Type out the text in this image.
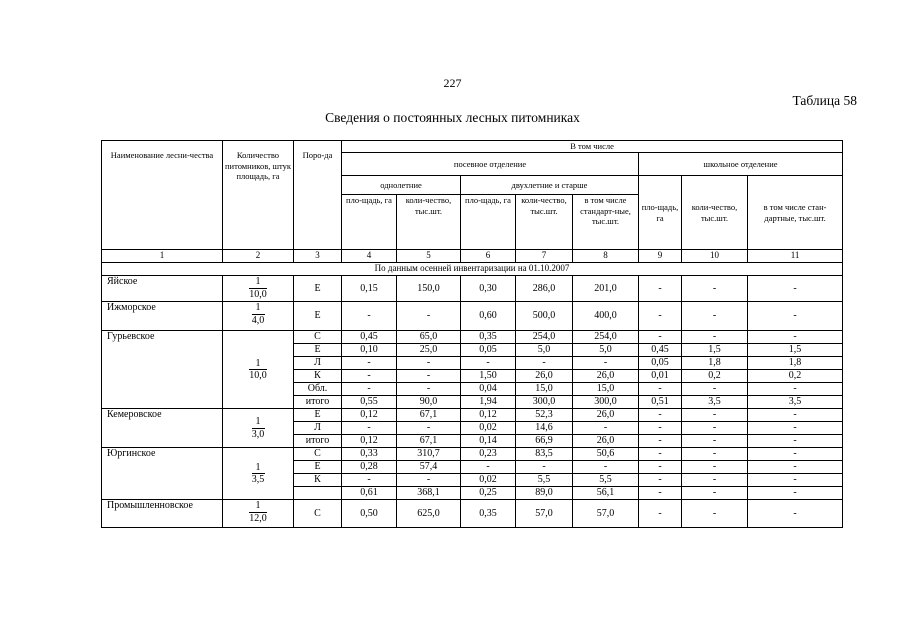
227
Таблица 58
Сведения о постоянных лесных питомниках
Наименование лесни-чества	Количество питомников, штук площадь, га	Поро-да	В том числе							
			посевное отделение					школьное отделение		
			однолетние		двухлетние и старше			пло-щадь, га	коли-чество, тыс.шт.	в том числе стан-дартные, тыс.шт.
			пло-щадь, га	коли-чество, тыс.шт.	пло-щадь, га	коли-чество, тыс.шт.	в том числе стандарт-ные, тыс.шт.			
1	2	3	4	5	6	7	8	9	10	11
По данным осенней инвентаризации на 01.10.2007										
Яйское	$\frac{1}{10,0}$	Е	0,15	150,0	0,30	286,0	201,0	-	-	-
Ижморское	$\frac{1}{4,0}$	Е	-	-	0,60	500,0	400,0	-	-	-
Гурьевское	$\frac{1}{10,0}$	С	0,45	65,0	0,35	254,0	254,0	-	-	-
		Е	0,10	25,0	0,05	5,0	5,0	0,45	1,5	1,5
		Л	-	-	-	-	-	0,05	1,8	1,8
		К	-	-	1,50	26,0	26,0	0,01	0,2	0,2
		Обл.	-	-	0,04	15,0	15,0	-	-	-
		итого	0,55	90,0	1,94	300,0	300,0	0,51	3,5	3,5
Кемеровское	$\frac{1}{3,0}$	Е	0,12	67,1	0,12	52,3	26,0	-	-	-
		Л	-	-	0,02	14,6	-	-	-	-
		итого	0,12	67,1	0,14	66,9	26,0	-	-	-
Юргинское	$\frac{1}{3,5}$	С	0,33	310,7	0,23	83,5	50,6	-	-	-
		Е	0,28	57,4	-	-	-	-	-	-
		К	-	-	0,02	5,5	5,5	-	-	-
			0,61	368,1	0,25	89,0	56,1	-	-	-
Промышленновское	$\frac{1}{12,0}$	С	0,50	625,0	0,35	57,0	57,0	-	-	-
